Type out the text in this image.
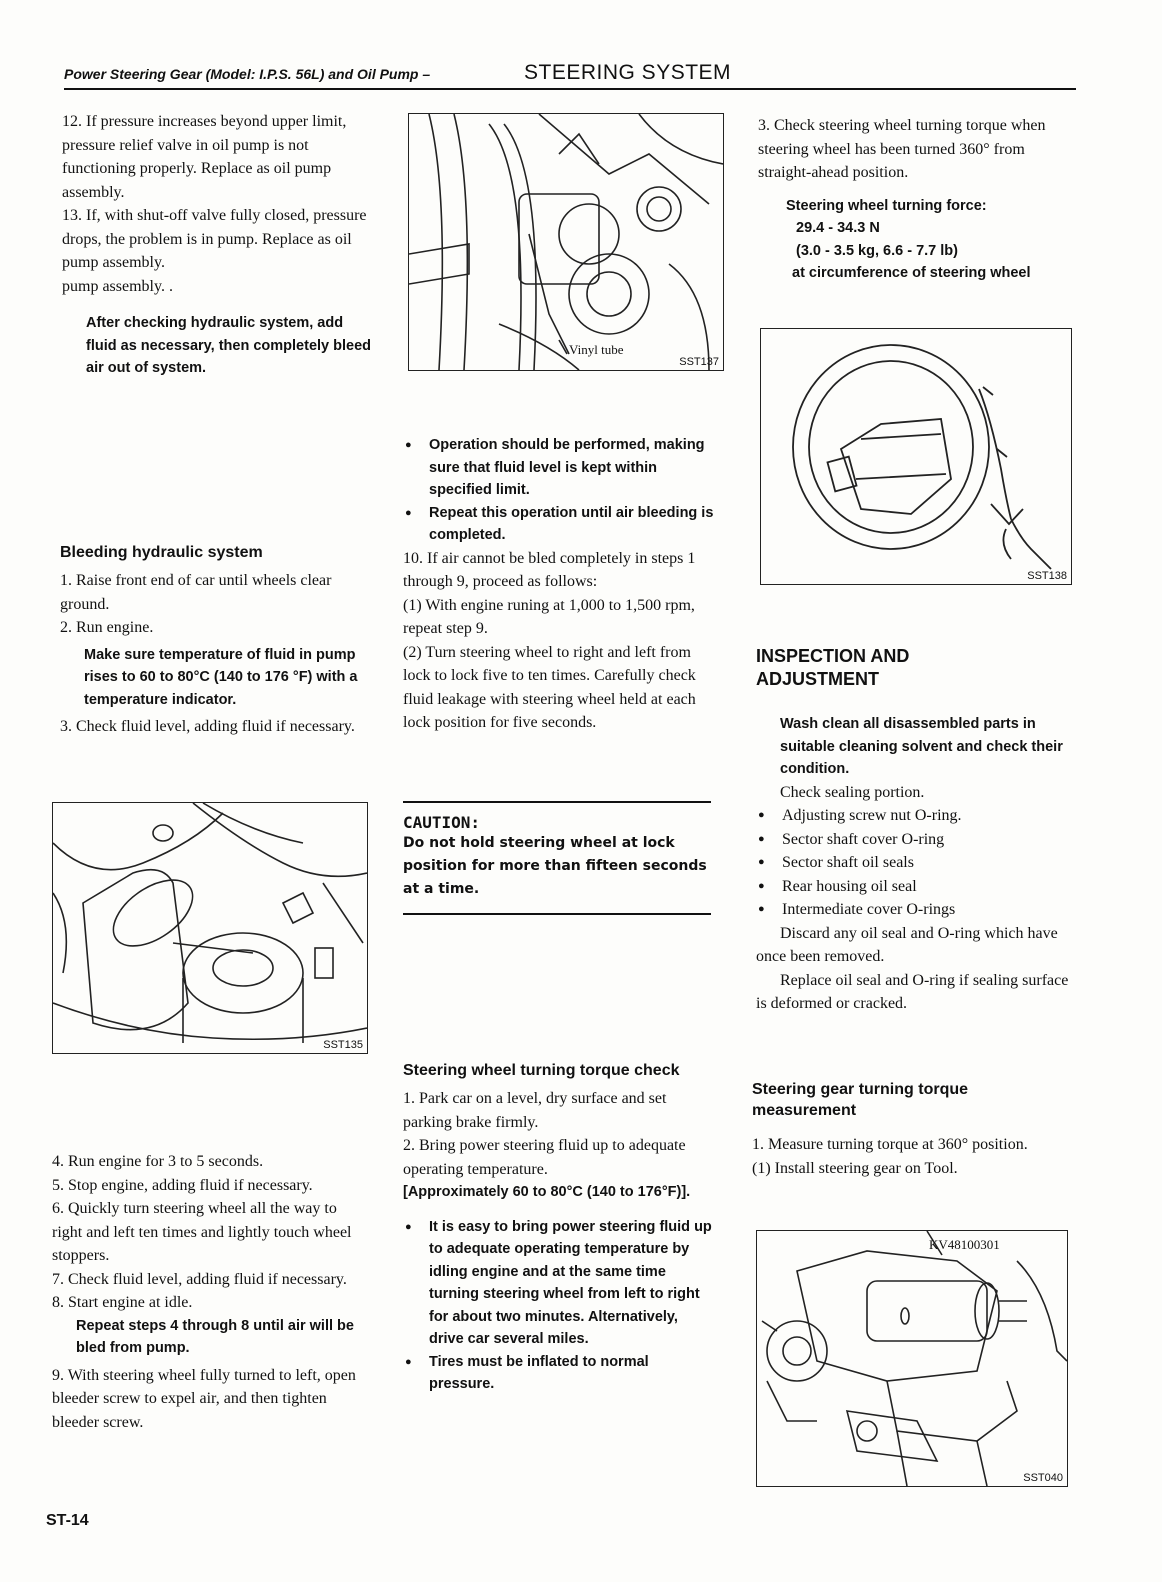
Power Steering Gear (Model: I.P.S. 56L) and Oil Pump –	STEERING SYSTEM

12. If pressure increases beyond upper limit, pressure relief valve in oil pump is not functioning properly. Replace as oil pump assembly.

13. If, with shut-off valve fully closed, pressure drops, the problem is in pump. Replace as oil pump assembly.

pump assembly. .

After checking hydraulic system, add fluid as necessary, then completely bleed air out of system.

Bleeding hydraulic system

1. Raise front end of car until wheels clear ground.

2. Run engine.

Make sure temperature of fluid in pump rises to 60 to 80°C (140 to 176 °F) with a temperature indicator.

3. Check fluid level, adding fluid if necessary.

SST135

4. Run engine for 3 to 5 seconds.

5. Stop engine, adding fluid if necessary.

6. Quickly turn steering wheel all the way to right and left ten times and lightly touch wheel stoppers.

7. Check fluid level, adding fluid if necessary.

8. Start engine at idle.

Repeat steps 4 through 8 until air will be bled from pump.

9. With steering wheel fully turned to left, open bleeder screw to expel air, and then tighten bleeder screw.

Vinyl tube
SST137

● Operation should be performed, making sure that fluid level is kept within specified limit.

● Repeat this operation until air bleeding is completed.

10. If air cannot be bled completely in steps 1 through 9, proceed as follows:

(1) With engine runing at 1,000 to 1,500 rpm, repeat step 9.

(2) Turn steering wheel to right and left from lock to lock five to ten times. Carefully check fluid leakage with steering wheel held at each lock position for five seconds.

CAUTION:
Do not hold steering wheel at lock position for more than fifteen seconds at a time.

Steering wheel turning torque check

1. Park car on a level, dry surface and set parking brake firmly.

2. Bring power steering fluid up to adequate operating temperature.

[Approximately 60 to 80°C (140 to 176°F)].

● It is easy to bring power steering fluid up to adequate operating temperature by idling engine and at the same time turning steering wheel from left to right for about two minutes. Alternatively, drive car several miles.

● Tires must be inflated to normal pressure.

3. Check steering wheel turning torque when steering wheel has been turned 360° from straight-ahead position.

Steering wheel turning force:

29.4 - 34.3 N

(3.0 - 3.5 kg, 6.6 - 7.7 lb)

at circumference of steering wheel

SST138

INSPECTION AND ADJUSTMENT

Wash clean all disassembled parts in suitable cleaning solvent and check their condition.

Check sealing portion.

● Adjusting screw nut O-ring.

● Sector shaft cover O-ring

● Sector shaft oil seals

● Rear housing oil seal

● Intermediate cover O-rings

Discard any oil seal and O-ring which have once been removed.

Replace oil seal and O-ring if sealing surface is deformed or cracked.

Steering gear turning torque measurement

1. Measure turning torque at 360° position.

(1) Install steering gear on Tool.

KV48100301
SST040
ST-14
